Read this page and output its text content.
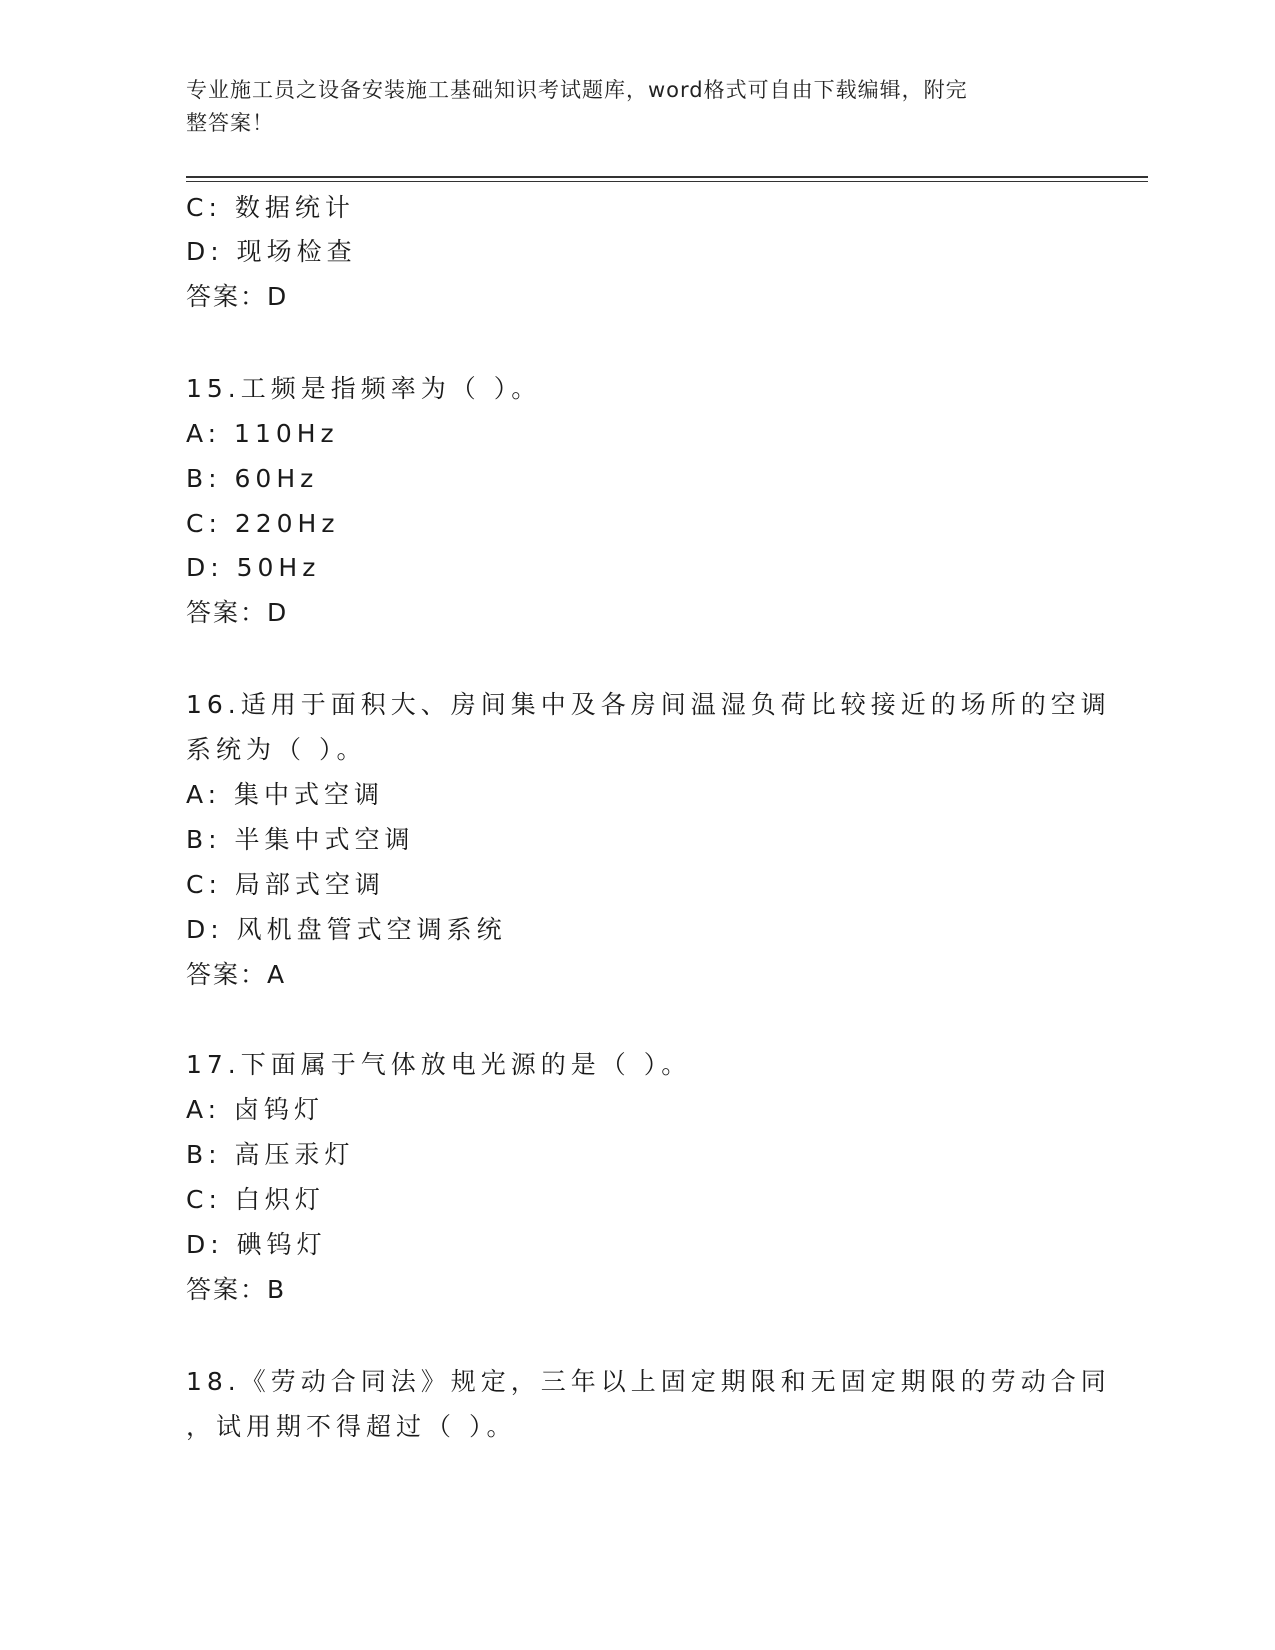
专业施工员之设备安装施工基础知识考试题库，word格式可自由下载编辑，附完
整答案！
C: 数据统计
D: 现场检查
答案：D
15.工频是指频率为（ ）。
A: 110Hz
B: 60Hz
C: 220Hz
D: 50Hz
答案：D
16.适用于面积大、房间集中及各房间温湿负荷比较接近的场所的空调
系统为（ ）。
A: 集中式空调
B: 半集中式空调
C: 局部式空调
D: 风机盘管式空调系统
答案：A
17.下面属于气体放电光源的是（ ）。
A: 卤钨灯
B: 高压汞灯
C: 白炽灯
D: 碘钨灯
答案：B
18.《劳动合同法》规定，三年以上固定期限和无固定期限的劳动合同
，试用期不得超过（ ）。
